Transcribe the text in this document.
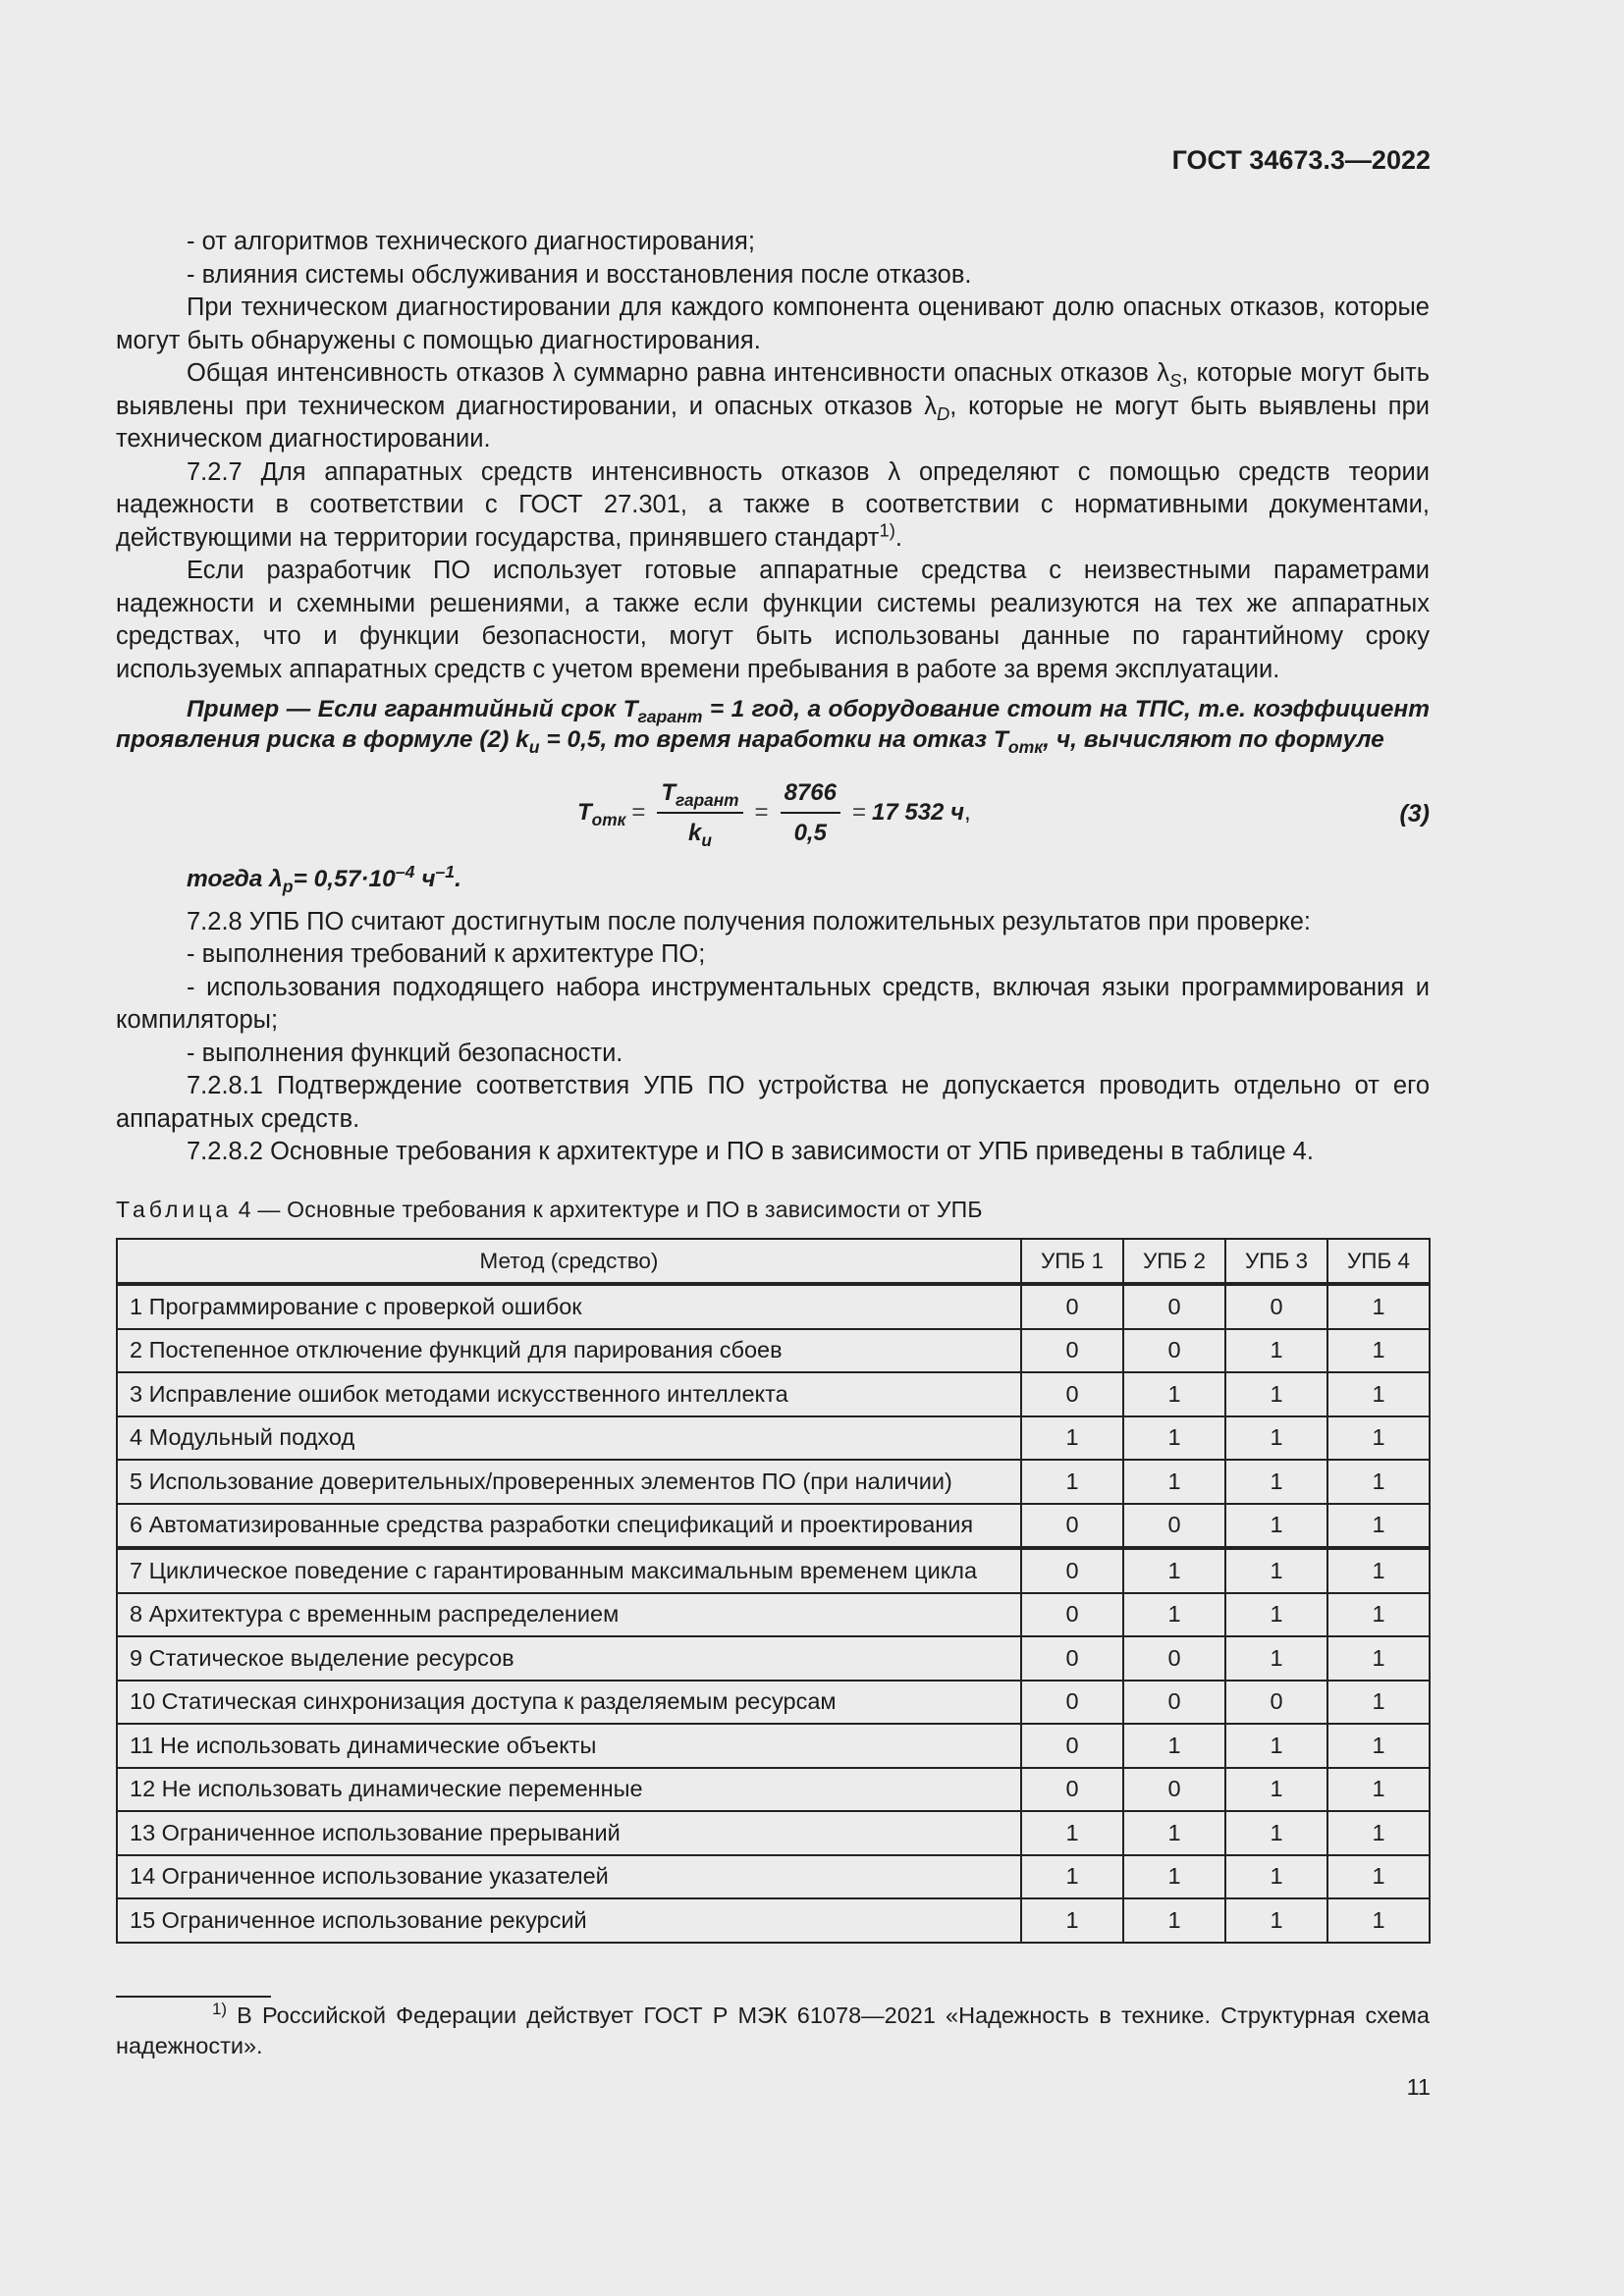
ГОСТ 34673.3—2022

- от алгоритмов технического диагностирования;

- влияния системы обслуживания и восстановления после отказов.

При техническом диагностировании для каждого компонента оценивают долю опасных отказов, которые могут быть обнаружены с помощью диагностирования.

Общая интенсивность отказов λ суммарно равна интенсивности опасных отказов $\lambda_S$, которые могут быть выявлены при техническом диагностировании, и опасных отказов $\lambda_D$, которые не могут быть выявлены при техническом диагностировании.

7.2.7 Для аппаратных средств интенсивность отказов λ определяют с помощью средств теории надежности в соответствии с ГОСТ 27.301, а также в соответствии с нормативными документами, действующими на территории государства, принявшего стандарт$^{1)}$.

Если разработчик ПО использует готовые аппаратные средства с неизвестными параметрами надежности и схемными решениями, а также если функции системы реализуются на тех же аппаратных средствах, что и функции безопасности, могут быть использованы данные по гарантийному сроку используемых аппаратных средств с учетом времени пребывания в работе за время эксплуатации.

Пример — Если гарантийный срок $T_{гарант} = 1$ год, а оборудование стоит на ТПС, т.е. коэффициент проявления риска в формуле (2) $k_и = 0,5$, то время наработки на отказ $T_{отк}$, ч, вычисляют по формуле

$T_{отк} = \frac{T_{гарант}}{k_и} = \frac{8766}{0,5} = 17$ 532 ч ,	(3)

тогда $\lambda_p= 0,57\cdot 10^{-4}$ $ч^{-1}$.

7.2.8 УПБ ПО считают достигнутым после получения положительных результатов при проверке:

- выполнения требований к архитектуре ПО;

- использования подходящего набора инструментальных средств, включая языки программирования и компиляторы;

- выполнения функций безопасности.

7.2.8.1 Подтверждение соответствия УПБ ПО устройства не допускается проводить отдельно от его аппаратных средств.

7.2.8.2 Основные требования к архитектуре и ПО в зависимости от УПБ приведены в таблице 4.

Таблица 4 — Основные требования к архитектуре и ПО в зависимости от УПБ
Метод (средство)	УПБ 1	УПБ 2	УПБ 3	УПБ 4
1 Программирование с проверкой ошибок	0	0	0	1
2 Постепенное отключение функций для парирования сбоев	0	0	1	1
3 Исправление ошибок методами искусственного интеллекта	0	1	1	1
4 Модульный подход	1	1	1	1
5 Использование доверительных/проверенных элементов ПО (при наличии)	1	1	1	1
6 Автоматизированные средства разработки спецификаций и проектирования	0	0	1	1
7 Циклическое поведение с гарантированным максимальным временем цикла	0	1	1	1
8 Архитектура с временным распределением	0	1	1	1
9 Статическое выделение ресурсов	0	0	1	1
10 Статическая синхронизация доступа к разделяемым ресурсам	0	0	0	1
11 Не использовать динамические объекты	0	1	1	1
12 Не использовать динамические переменные	0	0	1	1
13 Ограниченное использование прерываний	1	1	1	1
14 Ограниченное использование указателей	1	1	1	1
15 Ограниченное использование рекурсий	1	1	1	1
$^{1)}$ В Российской Федерации действует ГОСТ Р МЭК 61078—2021 «Надежность в технике. Структурная схема надежности».
11
